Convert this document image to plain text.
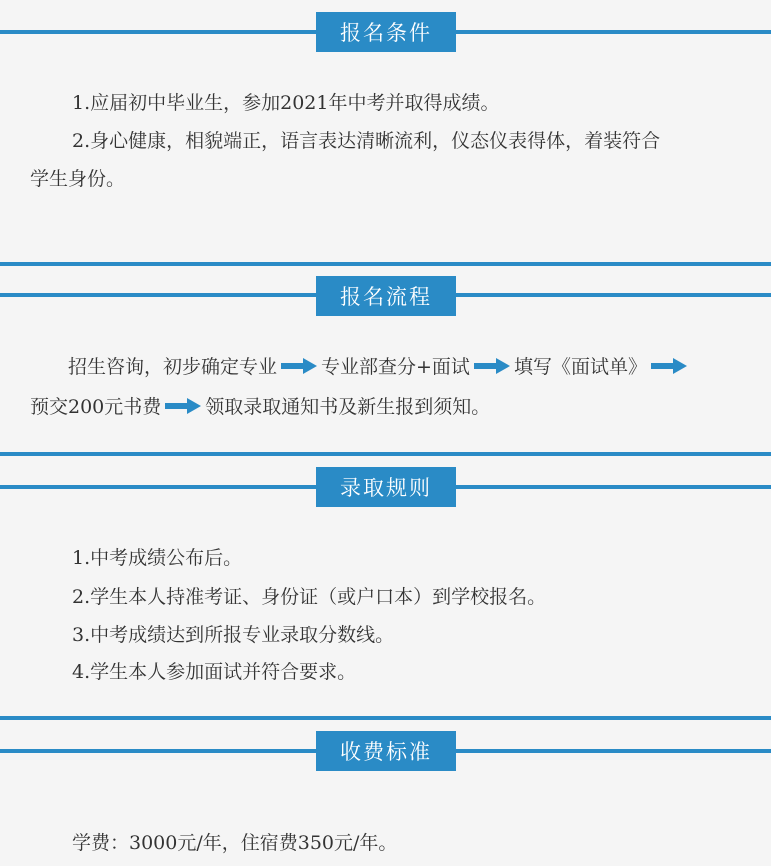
报名条件
1.应届初中毕业生，参加2021年中考并取得成绩。
2.身心健康，相貌端正，语言表达清晰流利，仪态仪表得体，着装符合
学生身份。
报名流程
招生咨询，初步确定专业 专业部查分+面试 填写《面试单》
预交200元书费 领取录取通知书及新生报到须知。
录取规则
1.中考成绩公布后。
2.学生本人持准考证、身份证（或户口本）到学校报名。
3.中考成绩达到所报专业录取分数线。
4.学生本人参加面试并符合要求。
收费标准
学费：3000元/年，住宿费350元/年。
